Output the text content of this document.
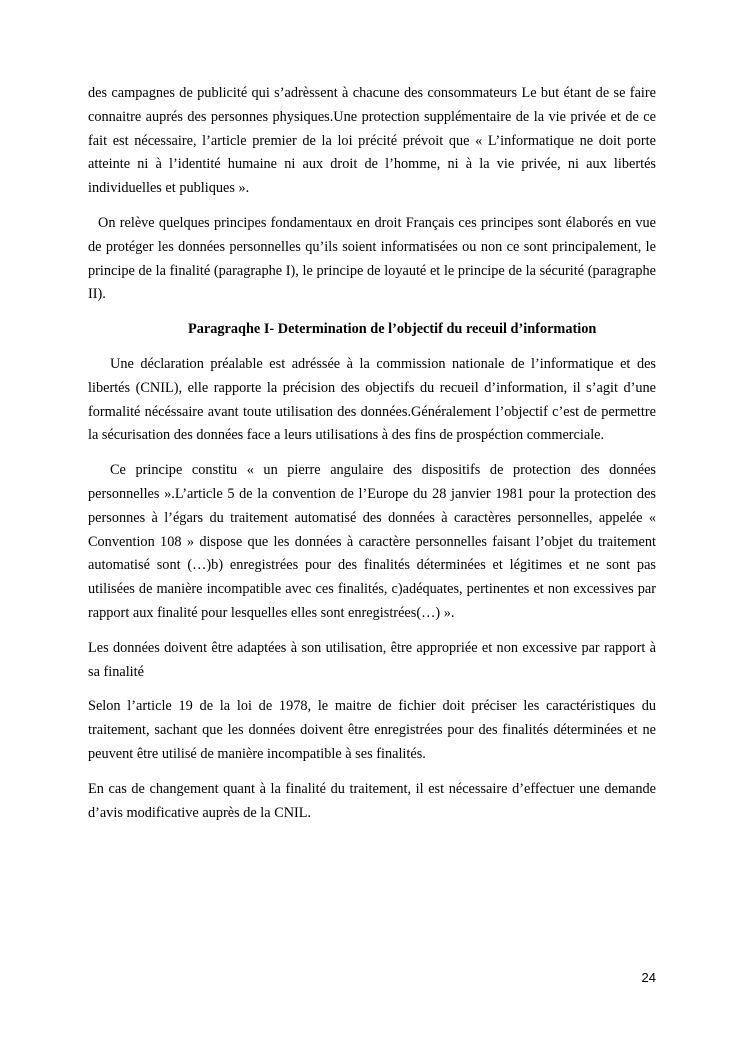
des campagnes de publicité qui s’adrèssent à chacune des consommateurs Le but étant de se faire connaitre auprés des personnes physiques.Une protection supplémentaire de la vie privée et de ce fait est nécessaire, l’article premier de la loi précité prévoit que « L’informatique ne doit porte atteinte ni à l’identité humaine ni aux droit de l’homme, ni à la vie privée, ni aux libertés individuelles et publiques ».

On relève quelques principes fondamentaux en droit Français ces principes sont élaborés en vue de protéger les données personnelles qu’ils soient informatisées ou non ce sont principalement, le principe de la finalité (paragraphe I), le principe de loyauté et le principe de la sécurité (paragraphe II).

Paragraqhe I- Determination de l’objectif du receuil d’information

Une déclaration préalable est adréssée à la commission nationale de l’informatique et des libertés (CNIL), elle rapporte la précision des objectifs du recueil d’information, il s’agit d’une formalité nécéssaire avant toute utilisation des données.Généralement l’objectif c’est de permettre la sécurisation des données face a leurs utilisations à des fins de prospéction commerciale.

Ce principe constitu « un pierre angulaire des dispositifs de protection des données personnelles ».L’article 5 de la convention de l’Europe du 28 janvier 1981 pour la protection des personnes à l’égars du traitement automatisé des données à caractères personnelles, appelée « Convention 108 » dispose que les données à caractère personnelles faisant l’objet du traitement automatisé sont (…)b) enregistrées pour des finalités déterminées et légitimes et ne sont pas utilisées de manière incompatible avec ces finalités, c)adéquates, pertinentes et non excessives par rapport aux finalité pour lesquelles elles sont enregistrées(…) ».

Les données doivent être adaptées à son utilisation, être appropriée et non excessive par rapport à sa finalité

Selon l’article 19 de la loi de 1978, le maitre de fichier doit préciser les caractéristiques du traitement, sachant que les données doivent être enregistrées pour des finalités déterminées et ne peuvent être utilisé de manière incompatible à ses finalités.

En cas de changement quant à la finalité du traitement, il est nécessaire d’effectuer une demande d’avis modificative auprès de la CNIL.

24
